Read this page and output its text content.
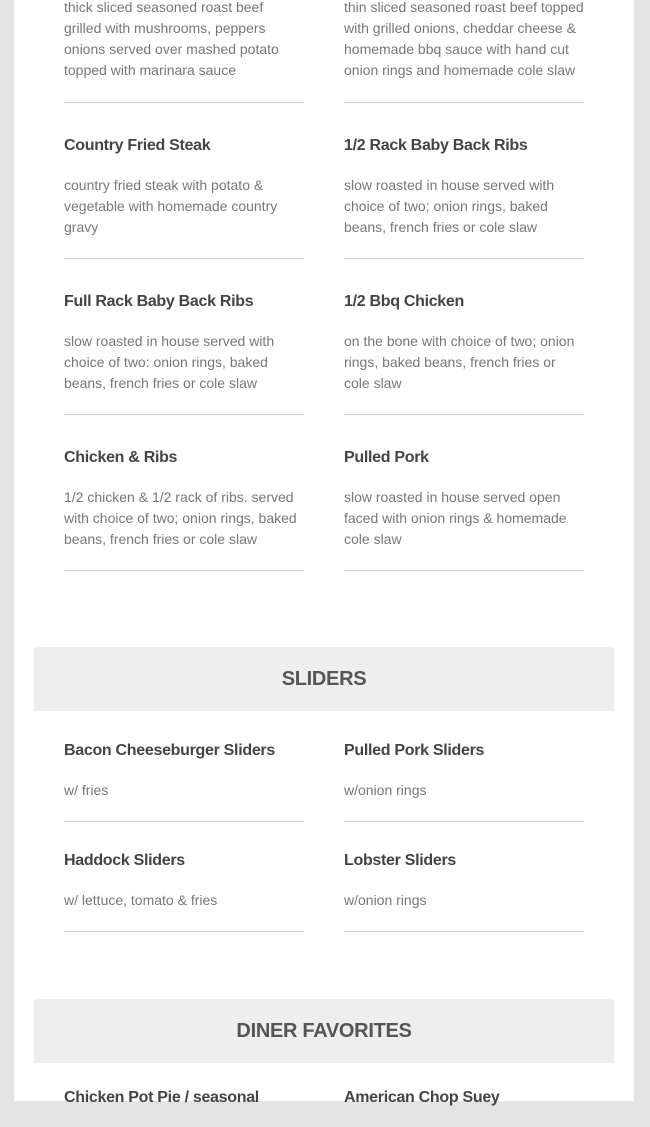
thick sliced seasoned roast beef grilled with mushrooms, peppers onions served over mashed potato topped with marinara sauce

Country Fried Steak

country fried steak with potato & vegetable with homemade country gravy

Full Rack Baby Back Ribs

slow roasted in house served with choice of two: onion rings, baked beans, french fries or cole slaw

Chicken & Ribs

1/2 chicken & 1/2 rack of ribs. served with choice of two; onion rings, baked beans, french fries or cole slaw

thin sliced seasoned roast beef topped with grilled onions, cheddar cheese & homemade bbq sauce with hand cut onion rings and homemade cole slaw

1/2 Rack Baby Back Ribs

slow roasted in house served with choice of two; onion rings, baked beans, french fries or cole slaw

1/2 Bbq Chicken

on the bone with choice of two; onion rings, baked beans, french fries or cole slaw

Pulled Pork

slow roasted in house served open faced with onion rings & homemade cole slaw

SLIDERS

Bacon Cheeseburger Sliders

w/ fries

Haddock Sliders

w/ lettuce, tomato & fries

Pulled Pork Sliders

w/onion rings

Lobster Sliders

w/onion rings

DINER FAVORITES

Chicken Pot Pie / seasonal	American Chop Suey
